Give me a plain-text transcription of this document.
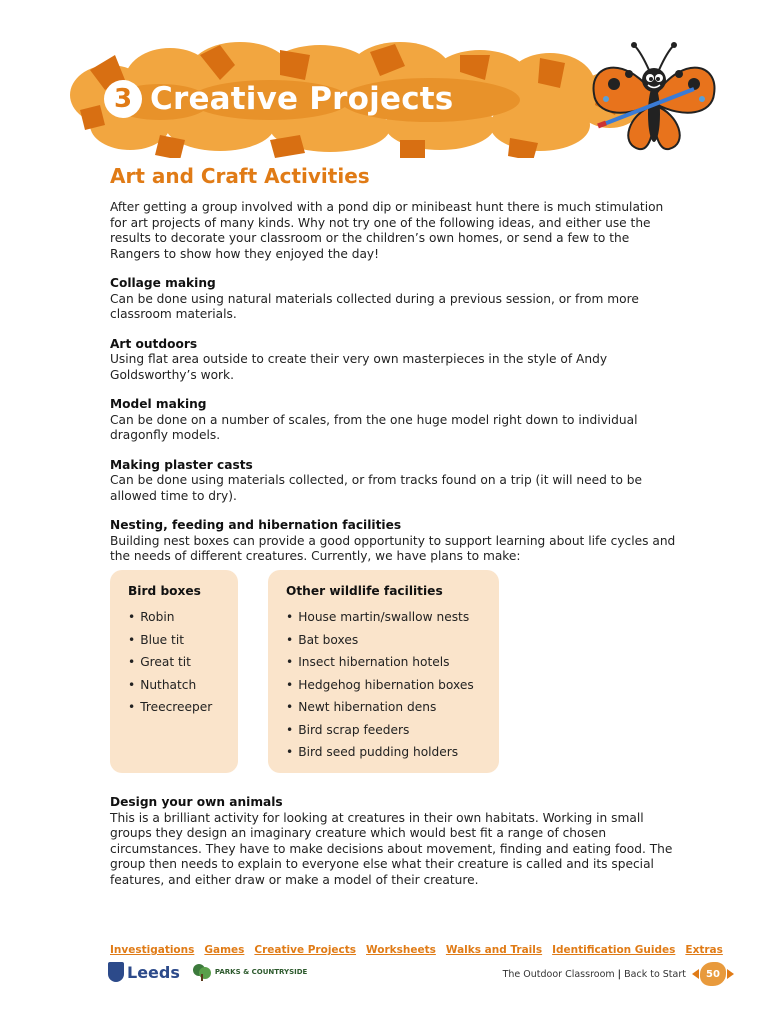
3 Creative Projects
Art and Craft Activities

After getting a group involved with a pond dip or minibeast hunt there is much stimulation for art projects of many kinds. Why not try one of the following ideas, and either use the results to decorate your classroom or the children’s own homes, or send a few to the Rangers to show how they enjoyed the day!

Collage making

Can be done using natural materials collected during a previous session, or from more classroom materials.

Art outdoors

Using flat area outside to create their very own masterpieces in the style of Andy Goldsworthy’s work.

Model making

Can be done on a number of scales, from the one huge model right down to individual dragonfly models.

Making plaster casts

Can be done using materials collected, or from tracks found on a trip (it will need to be allowed time to dry).

Nesting, feeding and hibernation facilities

Building nest boxes can provide a good opportunity to support learning about life cycles and the needs of different creatures. Currently, we have plans to make:

Bird boxes
• Robin
• Blue tit
• Great tit
• Nuthatch
• Treecreeper
Other wildlife facilities
• House martin/swallow nests
• Bat boxes
• Insect hibernation hotels
• Hedgehog hibernation boxes
• Newt hibernation dens
• Bird scrap feeders
• Bird seed pudding holders
Design your own animals

This is a brilliant activity for looking at creatures in their own habitats. Working in small groups they design an imaginary creature which would best fit a range of chosen circumstances. They have to make decisions about movement, finding and eating food. The group then needs to explain to everyone else what their creature is called and its special features, and either draw or make a model of their creature.

Investigations Games Creative Projects Worksheets Walks and Trails Identification Guides Extras
Leeds	PARKS & COUNTRYSIDE	The Outdoor Classroom | Back to Start	50
